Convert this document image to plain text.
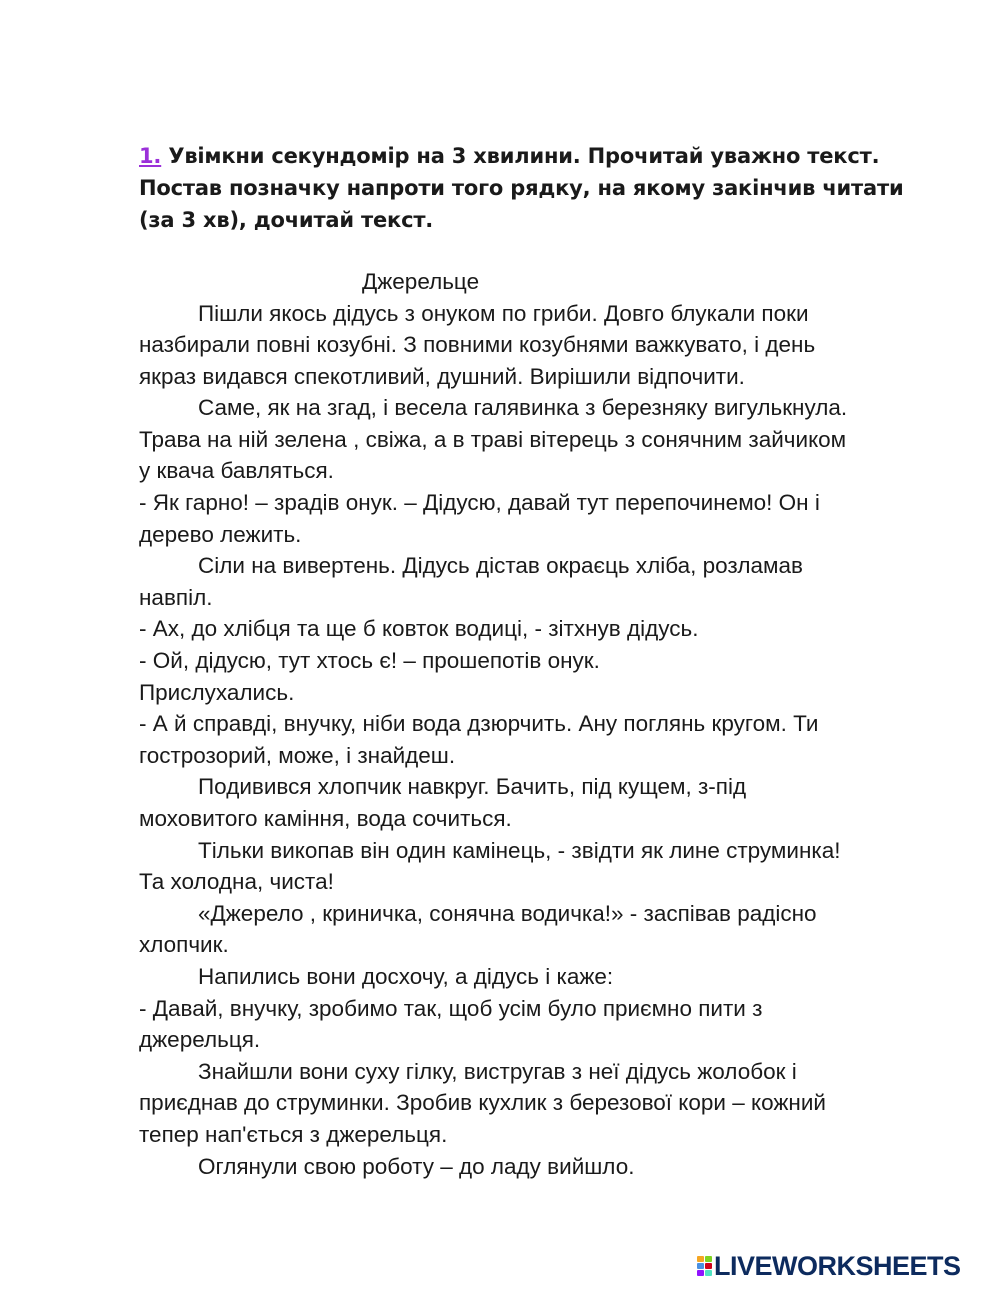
1. Увімкни секундомір на 3 хвилини. Прочитай уважно текст.
Постав позначку напроти того рядку, на якому закінчив читати
(за 3 хв), дочитай текст.
Джерельце
Пішли якось дідусь з онуком по гриби. Довго блукали поки
назбирали повні козубні. З повними козубнями важкувато, і день
якраз видався спекотливий, душний. Вирішили відпочити.
Саме, як на згад, і весела галявинка з березняку вигулькнула.
Трава на ній зелена , свіжа, а в траві вітерець з сонячним зайчиком
у квача бавляться.
- Як гарно! – зрадів онук. – Дідусю, давай тут перепочинемо! Он і
дерево лежить.
Сіли на вивертень. Дідусь дістав окраєць хліба, розламав
навпіл.
- Ах, до хлібця та ще б ковток водиці, - зітхнув дідусь.
- Ой, дідусю, тут хтось є! – прошепотів онук.
Прислухались.
- А й справді, внучку, ніби вода дзюрчить. Ану поглянь кругом. Ти
гострозорий, може, і знайдеш.
Подивився хлопчик навкруг. Бачить, під кущем, з-під
моховитого каміння, вода сочиться.
Тільки викопав він один камінець, - звідти як лине струминка!
Та холодна, чиста!
«Джерело , криничка, сонячна водичка!» - заспівав радісно
хлопчик.
Напились вони досхочу, а дідусь і каже:
- Давай, внучку, зробимо так, щоб усім було приємно пити з
джерельця.
Знайшли вони суху гілку, вистругав з неї дідусь жолобок і
приєднав до струминки. Зробив кухлик з березової кори – кожний
тепер нап'ється з джерельця.
Оглянули свою роботу – до ладу вийшло.
LIVEWORKSHEETS
